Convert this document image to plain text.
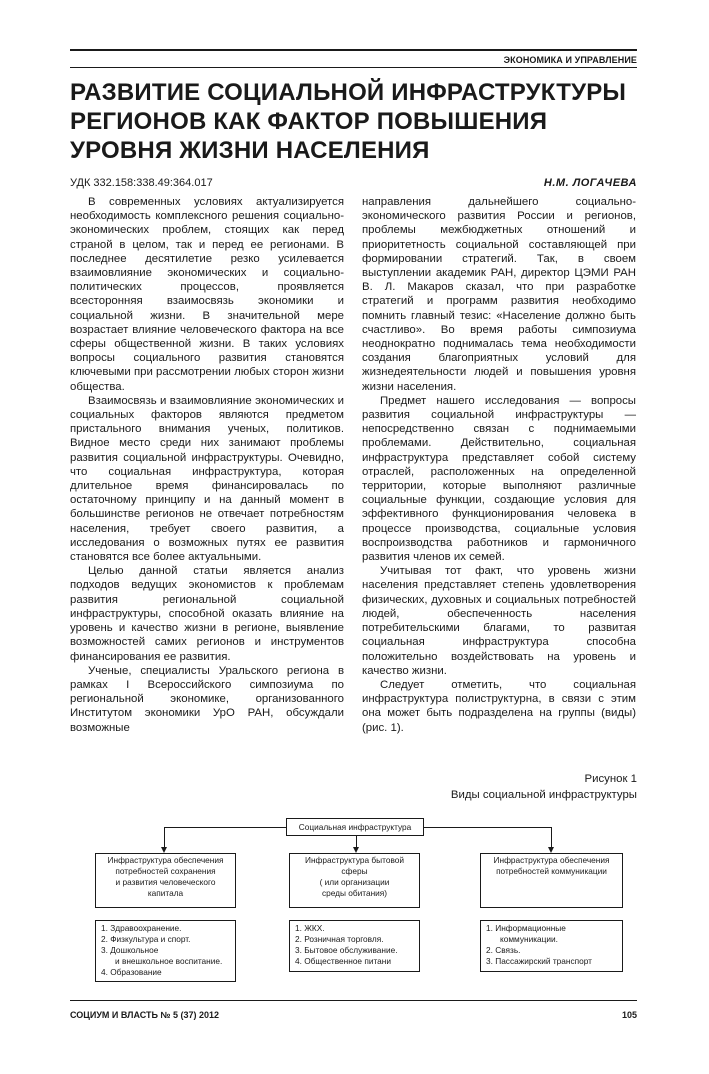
ЭКОНОМИКА И УПРАВЛЕНИЕ
РАЗВИТИЕ СОЦИАЛЬНОЙ ИНФРАСТРУКТУРЫ
РЕГИОНОВ КАК ФАКТОР ПОВЫШЕНИЯ
УРОВНЯ ЖИЗНИ НАСЕЛЕНИЯ
УДК 332.158:338.49:364.017	Н.М. ЛОГАЧЕВА

В современных условиях актуализируется необходимость комплексного решения социально-экономических проблем, стоящих как перед страной в целом, так и перед ее регионами. В последнее десятилетие резко усилевается взаимовлияние экономических и социально-политических процессов, проявляется всесторонняя взаимосвязь экономики и социальной жизни. В значительной мере возрастает влияние человеческого фактора на все сферы общественной жизни. В таких условиях вопросы социального развития становятся ключевыми при рассмотрении любых сторон жизни общества.

Взаимосвязь и взаимовлияние экономических и социальных факторов являются предметом пристального внимания ученых, политиков. Видное место среди них занимают проблемы развития социальной инфраструктуры. Очевидно, что социальная инфраструктура, которая длительное время финансировалась по остаточному принципу и на данный момент в большинстве регионов не отвечает потребностям населения, требует своего развития, а исследования о возможных путях ее развития становятся все более актуальными.

Целью данной статьи является анализ подходов ведущих экономистов к проблемам развития региональной социальной инфраструктуры, способной оказать влияние на уровень и качество жизни в регионе, выявление возможностей самих регионов и инструментов финансирования ее развития.

Ученые, специалисты Уральского региона в рамках I Всероссийского симпозиума по региональной экономике, организованного Институтом экономики УрО РАН, обсуждали возможные

направления дальнейшего социально-экономического развития России и регионов, проблемы межбюджетных отношений и приоритетность социальной составляющей при формировании стратегий. Так, в своем выступлении академик РАН, директор ЦЭМИ РАН В. Л. Макаров сказал, что при разработке стратегий и программ развития необходимо помнить главный тезис: «Население должно быть счастливо». Во время работы симпозиума неоднократно поднималась тема необходимости создания благоприятных условий для жизнедеятельности людей и повышения уровня жизни населения.

Предмет нашего исследования — вопросы развития социальной инфраструктуры — непосредственно связан с поднимаемыми проблемами. Действительно, социальная инфраструктура представляет собой систему отраслей, расположенных на определенной территории, которые выполняют различные социальные функции, создающие условия для эффективного функционирования человека в процессе производства, социальные условия воспроизводства работников и гармоничного развития членов их семей.

Учитывая тот факт, что уровень жизни населения представляет степень удовлетворения физических, духовных и социальных потребностей людей, обеспеченность населения потребительскими благами, то развитая социальная инфраструктура способна положительно воздействовать на уровень и качество жизни.

Следует отметить, что социальная инфраструктура полиструктурна, в связи с этим она может быть подразделена на группы (виды) (рис. 1).

Рисунок 1
Виды социальной инфраструктуры
Социальная инфраструктура
Инфраструктура обеспечения
потребностей сохранения
и развития человеческого
капитала
1. Здравоохранение.
2. Физкультура и спорт.
3. Дошкольное
и внешкольное воспитание.
4. Образование
Инфраструктура бытовой
сферы
( или организации
среды обитания)
1. ЖКХ.
2. Розничная торговля.
3. Бытовое обслуживание.
4. Общественное питани
Инфраструктура обеспечения
потребностей коммуникации
1. Информационные
коммуникации.
2. Связь.
3. Пассажирский транспорт
СОЦИУМ И ВЛАСТЬ № 5 (37) 2012	105
